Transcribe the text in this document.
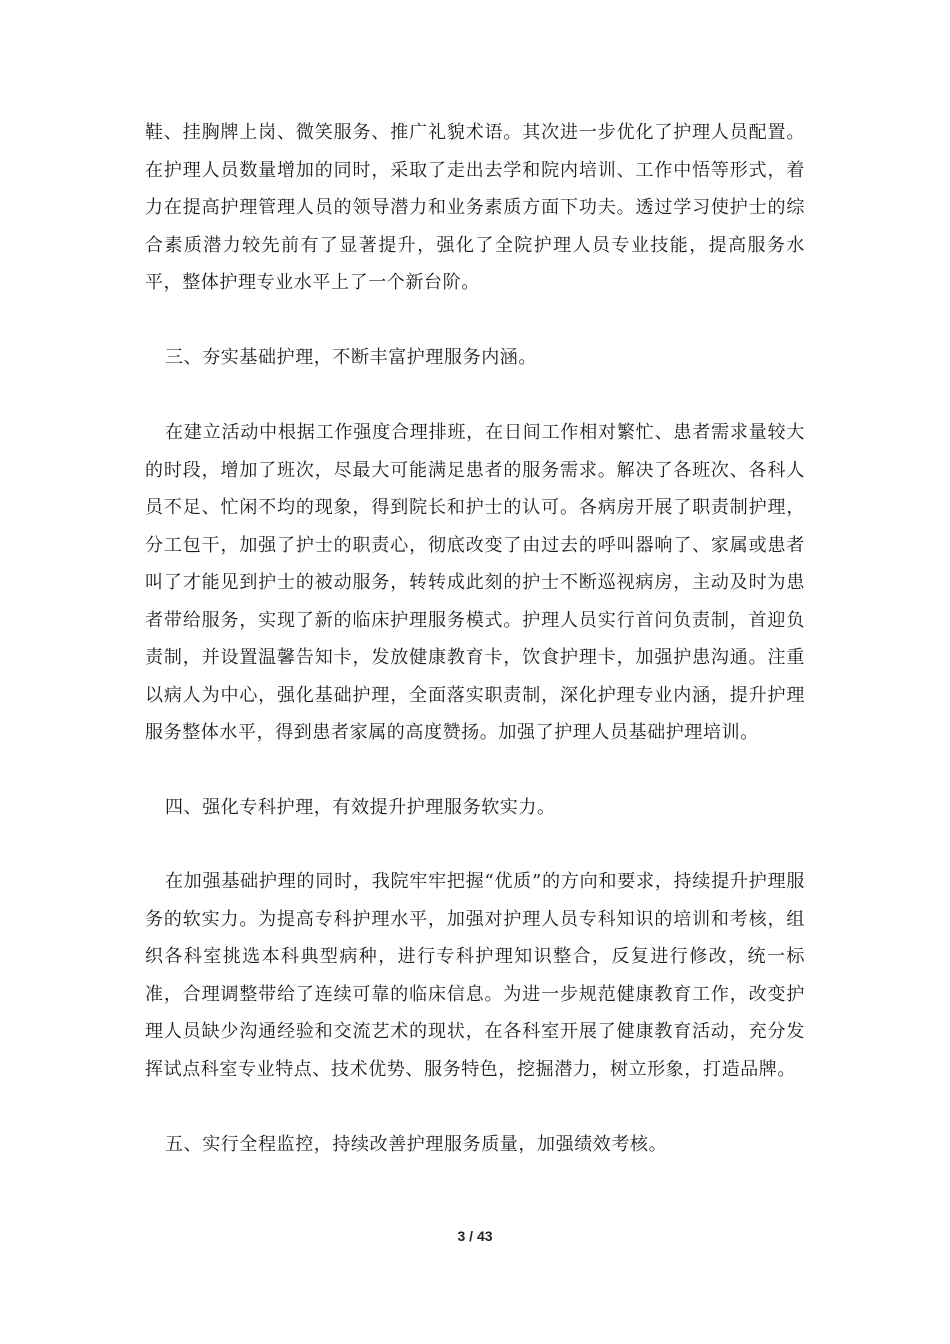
鞋、挂胸牌上岗、微笑服务、推广礼貌术语。其次进一步优化了护理人员配置。在护理人员数量增加的同时，采取了走出去学和院内培训、工作中悟等形式，着力在提高护理管理人员的领导潜力和业务素质方面下功夫。透过学习使护士的综合素质潜力较先前有了显著提升，强化了全院护理人员专业技能，提高服务水平，整体护理专业水平上了一个新台阶。

三、夯实基础护理，不断丰富护理服务内涵。

在建立活动中根据工作强度合理排班，在日间工作相对繁忙、患者需求量较大的时段，增加了班次，尽最大可能满足患者的服务需求。解决了各班次、各科人员不足、忙闲不均的现象，得到院长和护士的认可。各病房开展了职责制护理，分工包干，加强了护士的职责心，彻底改变了由过去的呼叫器响了、家属或患者叫了才能见到护士的被动服务，转转成此刻的护士不断巡视病房，主动及时为患者带给服务，实现了新的临床护理服务模式。护理人员实行首问负责制，首迎负责制，并设置温馨告知卡，发放健康教育卡，饮食护理卡，加强护患沟通。注重以病人为中心，强化基础护理，全面落实职责制，深化护理专业内涵，提升护理服务整体水平，得到患者家属的高度赞扬。加强了护理人员基础护理培训。

四、强化专科护理，有效提升护理服务软实力。

在加强基础护理的同时，我院牢牢把握“优质”的方向和要求，持续提升护理服务的软实力。为提高专科护理水平，加强对护理人员专科知识的培训和考核，组织各科室挑选本科典型病种，进行专科护理知识整合，反复进行修改，统一标准，合理调整带给了连续可靠的临床信息。为进一步规范健康教育工作，改变护理人员缺少沟通经验和交流艺术的现状，在各科室开展了健康教育活动，充分发挥试点科室专业特点、技术优势、服务特色，挖掘潜力，树立形象，打造品牌。

五、实行全程监控，持续改善护理服务质量，加强绩效考核。

3 / 43
